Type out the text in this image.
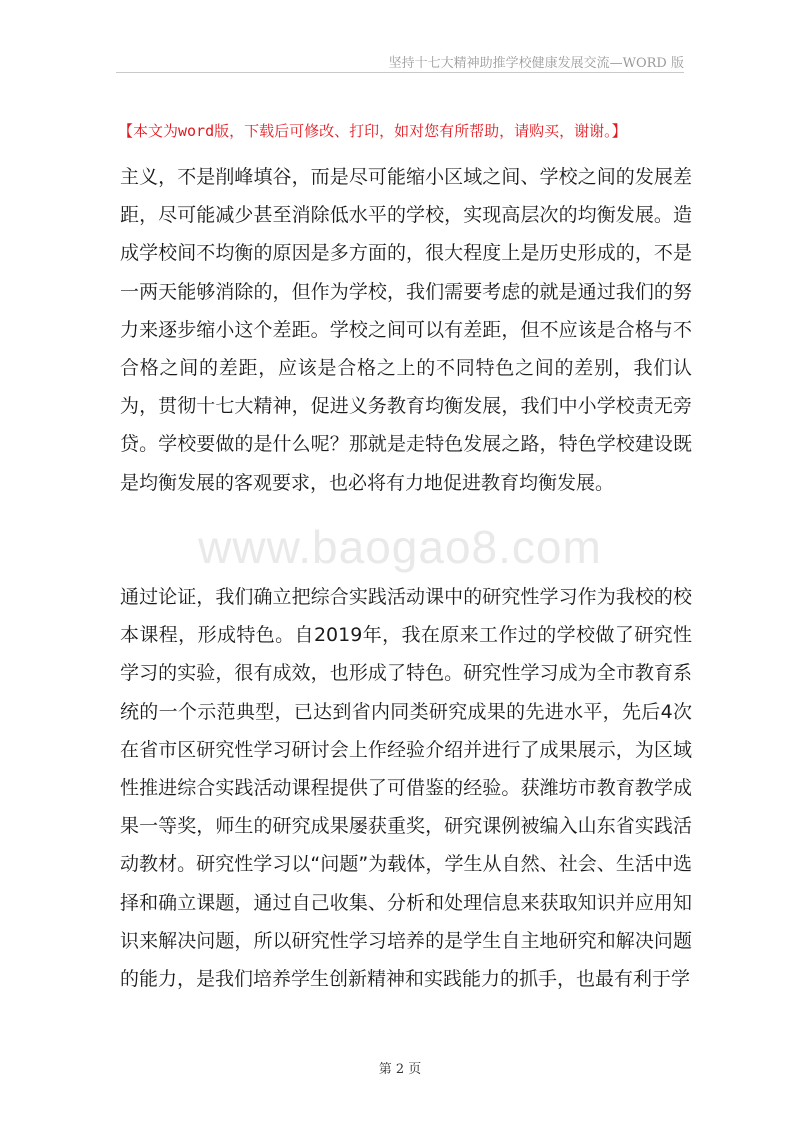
坚持十七大精神助推学校健康发展交流—WORD 版
【本文为word版，下载后可修改、打印，如对您有所帮助，请购买，谢谢。】

主义，不是削峰填谷，而是尽可能缩小区域之间、学校之间的发展差距，尽可能减少甚至消除低水平的学校，实现高层次的均衡发展。造成学校间不均衡的原因是多方面的，很大程度上是历史形成的，不是一两天能够消除的，但作为学校，我们需要考虑的就是通过我们的努力来逐步缩小这个差距。学校之间可以有差距，但不应该是合格与不合格之间的差距，应该是合格之上的不同特色之间的差别，我们认为，贯彻十七大精神，促进义务教育均衡发展，我们中小学校责无旁贷。学校要做的是什么呢？那就是走特色发展之路，特色学校建设既是均衡发展的客观要求，也必将有力地促进教育均衡发展。

www.baogao8.com

通过论证，我们确立把综合实践活动课中的研究性学习作为我校的校本课程，形成特色。自2019年，我在原来工作过的学校做了研究性学习的实验，很有成效，也形成了特色。研究性学习成为全市教育系统的一个示范典型，已达到省内同类研究成果的先进水平，先后4次在省市区研究性学习研讨会上作经验介绍并进行了成果展示，为区域性推进综合实践活动课程提供了可借鉴的经验。获潍坊市教育教学成果一等奖，师生的研究成果屡获重奖，研究课例被编入山东省实践活动教材。研究性学习以“问题”为载体，学生从自然、社会、生活中选择和确立课题，通过自己收集、分析和处理信息来获取知识并应用知识来解决问题，所以研究性学习培养的是学生自主地研究和解决问题的能力，是我们培养学生创新精神和实践能力的抓手，也最有利于学

第 2 页
